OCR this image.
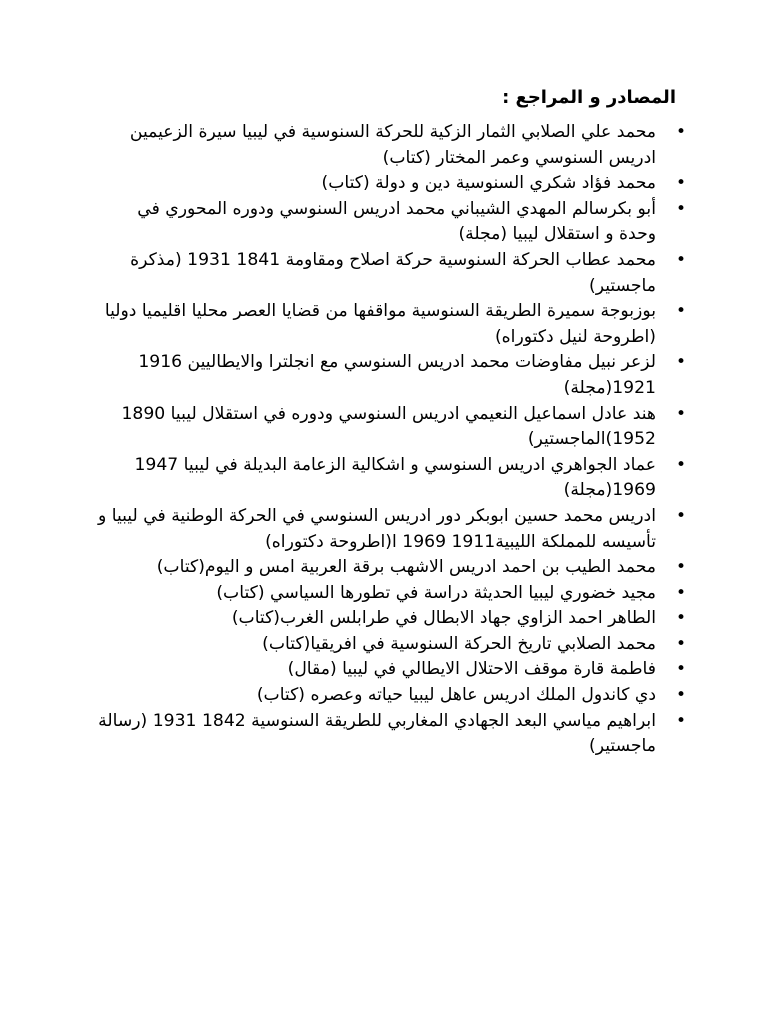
المصادر و المراجع :
•
محمد علي الصلابي الثمار الزكية للحركة السنوسية في ليبيا سيرة الزعيمين ادريس السنوسي وعمر المختار (كتاب)
•
محمد فؤاد شكري السنوسية دين و دولة (كتاب)
•
أبو بكرسالم المهدي الشيباني محمد ادريس السنوسي ودوره المحوري في وحدة و استقلال ليبيا (مجلة)
•
محمد عطاب الحركة السنوسية حركة اصلاح ومقاومة 1841 1931 (مذكرة ماجستير)
•
بوزبوجة سميرة الطريقة السنوسية مواقفها من قضايا العصر محليا اقليميا دوليا (اطروحة لنيل دكتوراه)
•
لزعر نبيل مفاوضات محمد ادريس السنوسي مع انجلترا والايطاليين 1916 1921(مجلة)
•
هند عادل اسماعيل النعيمي ادريس السنوسي ودوره في استقلال ليبيا 1890 1952)الماجستير)
•
عماد الجواهري ادريس السنوسي و اشكالية الزعامة البديلة في ليبيا 1947 1969(مجلة)
•
ادريس محمد حسين ابوبكر دور ادريس السنوسي في الحركة الوطنية في ليبيا و تأسيسه للمملكة الليبية1911 1969 ا(اطروحة دكتوراه)
•
محمد الطيب بن احمد ادريس الاشهب برقة العربية امس و اليوم(كتاب)
•
مجيد خضوري ليبيا الحديثة دراسة في تطورها السياسي (كتاب)
•
الطاهر احمد الزاوي جهاد الابطال في طرابلس الغرب(كتاب)
•
محمد الصلابي تاريخ الحركة السنوسية في افريقيا(كتاب)
•
فاطمة قارة موقف الاحتلال الايطالي في ليبيا (مقال)
•
دي كاندول الملك ادريس عاهل ليبيا حياته وعصره (كتاب)
•
ابراهيم مياسي البعد الجهادي المغاربي للطريقة السنوسية 1842 1931 (رسالة ماجستير)
